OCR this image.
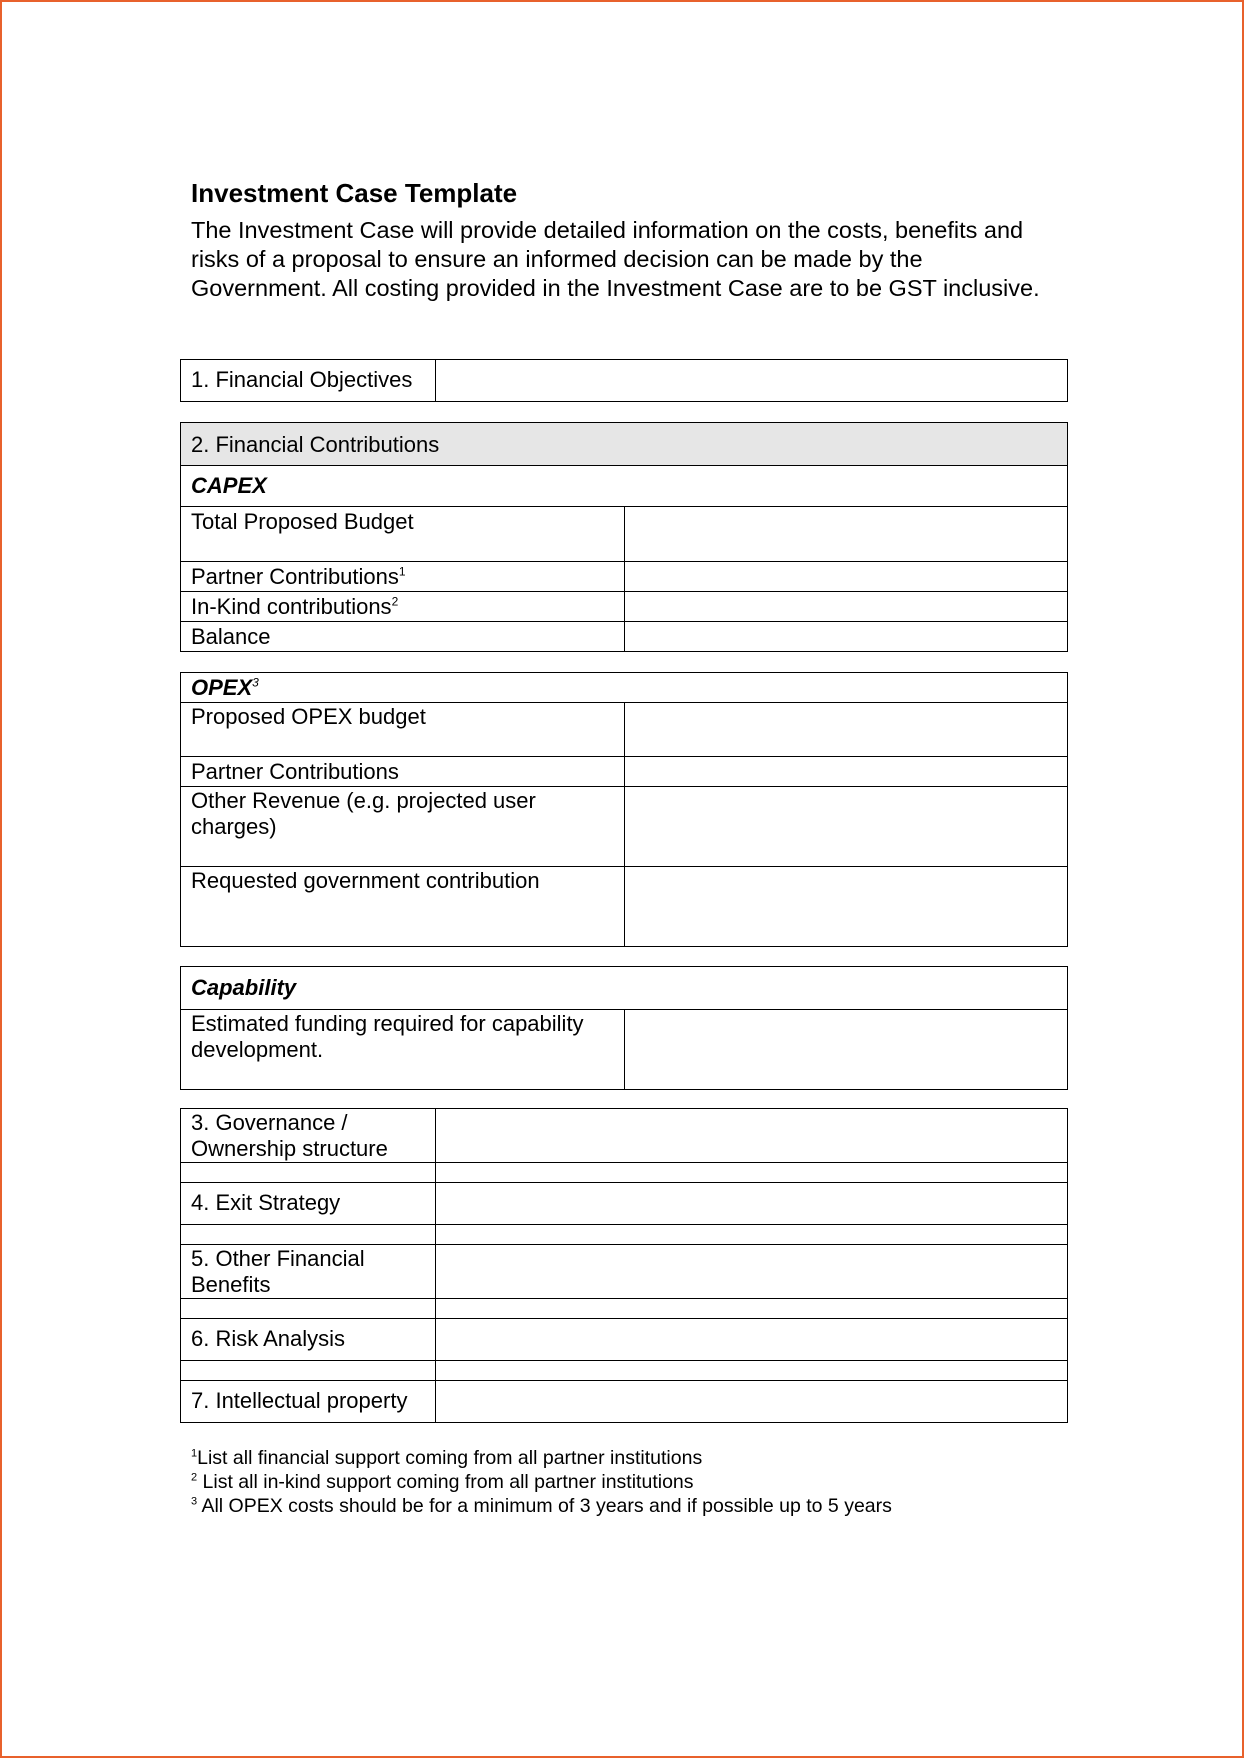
Investment Case Template

The Investment Case will provide detailed information on the costs, benefits and risks of a proposal to ensure an informed decision can be made by the Government. All costing provided in the Investment Case are to be GST inclusive.

1. Financial Objectives	
2. Financial Contributions	
CAPEX	
Total Proposed Budget	
Partner Contributions$^1$	
In-Kind contributions$^2$	
Balance	
OPEX$^3$
Proposed OPEX budget	
Partner Contributions	
Other Revenue (e.g. projected user charges)	
Requested government contribution	
Capability
Estimated funding required for capability development.	
3. Governance / Ownership structure	

4. Exit Strategy	

5. Other Financial Benefits	

6. Risk Analysis	

7. Intellectual property	
$^1$List all financial support coming from all partner institutions
$^2$ List all in-kind support coming from all partner institutions
$^3$ All OPEX costs should be for a minimum of 3 years and if possible up to 5 years
